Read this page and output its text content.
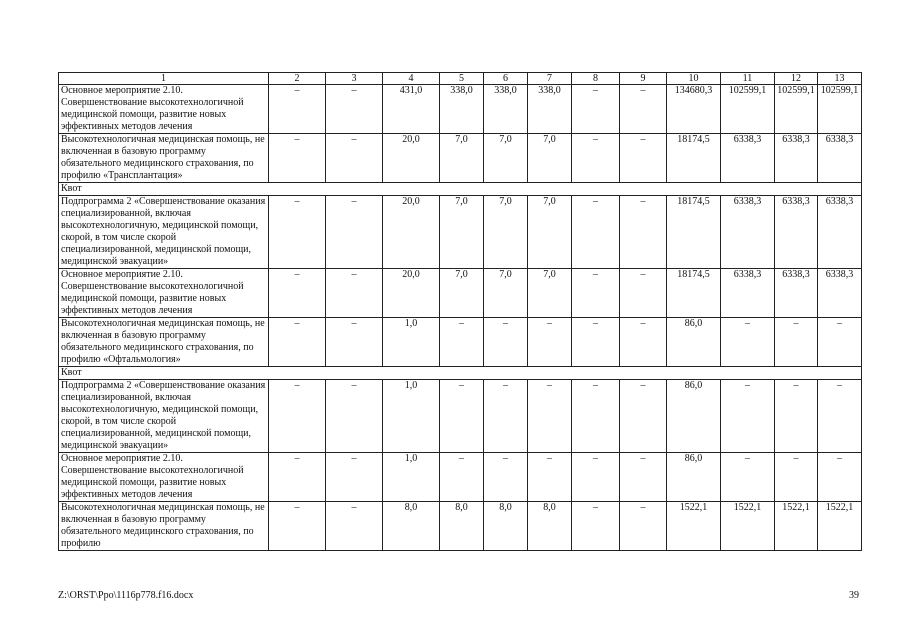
1	2	3	4	5	6	7	8	9	10	11	12	13
Основное мероприятие 2.10. Совершенствование высокотехнологичной медицинской помощи, развитие новых эффективных методов лечения	–	–	431,0	338,0	338,0	338,0	–	–	134680,3	102599,1	102599,1	102599,1
Высокотехнологичная медицинская помощь, не включенная в базовую программу обязательного медицинского страхования, по профилю «Трансплантация»	–	–	20,0	7,0	7,0	7,0	–	–	18174,5	6338,3	6338,3	6338,3
Квот												
Подпрограмма 2 «Совершенствование оказания специализированной, включая высокотехнологичную, медицинской помощи, скорой, в том числе скорой специализированной, медицинской помощи, медицинской эвакуации»	–	–	20,0	7,0	7,0	7,0	–	–	18174,5	6338,3	6338,3	6338,3
Основное мероприятие 2.10. Совершенствование высокотехнологичной медицинской помощи, развитие новых эффективных методов лечения	–	–	20,0	7,0	7,0	7,0	–	–	18174,5	6338,3	6338,3	6338,3
Высокотехнологичная медицинская помощь, не включенная в базовую программу обязательного медицинского страхования, по профилю «Офтальмология»	–	–	1,0	–	–	–	–	–	86,0	–	–	–
Квот												
Подпрограмма 2 «Совершенствование оказания специализированной, включая высокотехнологичную, медицинской помощи, скорой, в том числе скорой специализированной, медицинской помощи, медицинской эвакуации»	–	–	1,0	–	–	–	–	–	86,0	–	–	–
Основное мероприятие 2.10. Совершенствование высокотехнологичной медицинской помощи, развитие новых эффективных методов лечения	–	–	1,0	–	–	–	–	–	86,0	–	–	–
Высокотехнологичная медицинская помощь, не включенная в базовую программу обязательного медицинского страхования, по профилю	–	–	8,0	8,0	8,0	8,0	–	–	1522,1	1522,1	1522,1	1522,1
Z:\ORST\Ppo\1116p778.f16.docx	39
